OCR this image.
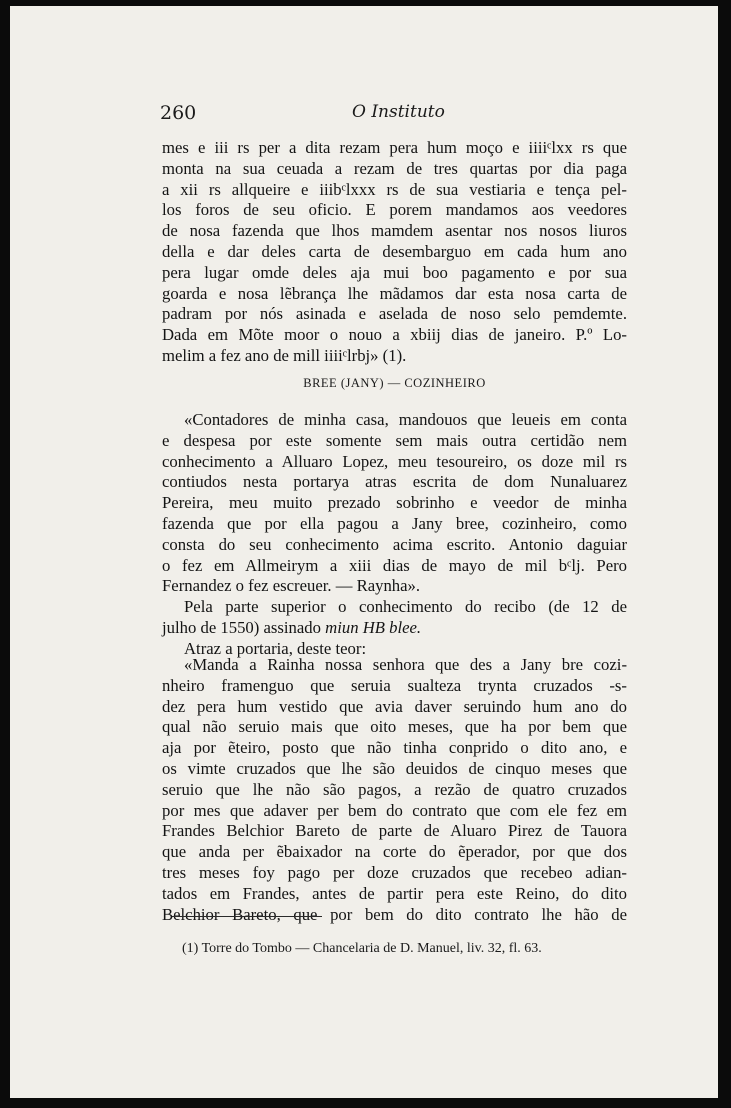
260	O Instituto
mes e iii rs per a dita rezam pera hum moço e iiiiᶜlxx rs que
monta na sua ceuada a rezam de tres quartas por dia paga
a xii rs allqueire e iiibᶜlxxx rs de sua vestiaria e tença pel-
los foros de seu oficio. E porem mandamos aos veedores
de nosa fazenda que lhos mamdem asentar nos nosos liuros
della e dar deles carta de desembarguo em cada hum ano
pera lugar omde deles aja mui boo pagamento e por sua
goarda e nosa lẽbrança lhe mãdamos dar esta nosa carta de
padram por nós asinada e aselada de noso selo pemdemte.
Dada em Mõte moor o nouo a xbiij dias de janeiro. P.º Lo-
melim a fez ano de mill iiiiᶜlrbj» (1).
BREE (JANY) — COZINHEIRO
«Contadores de minha casa, mandouos que leueis em conta
e despesa por este somente sem mais outra certidão nem
conhecimento a Alluaro Lopez, meu tesoureiro, os doze mil rs
contiudos nesta portarya atras escrita de dom Nunaluarez
Pereira, meu muito prezado sobrinho e veedor de minha
fazenda que por ella pagou a Jany bree, cozinheiro, como
consta do seu conhecimento acima escrito. Antonio daguiar
o fez em Allmeirym a xiii dias de mayo de mil bᶜlj. Pero
Fernandez o fez escreuer. — Raynha».
Pela parte superior o conhecimento do recibo (de 12 de
julho de 1550) assinado miun HB blee.
Atraz a portaria, deste teor:
«Manda a Rainha nossa senhora que des a Jany bre cozi-
nheiro framenguo que seruia sualteza trynta cruzados -s-
dez pera hum vestido que avia daver seruindo hum ano do
qual não seruio mais que oito meses, que ha por bem que
aja por ẽteiro, posto que não tinha conprido o dito ano, e
os vimte cruzados que lhe são deuidos de cinquo meses que
seruio que lhe não são pagos, a rezão de quatro cruzados
por mes que adaver per bem do contrato que com ele fez em
Frandes Belchior Bareto de parte de Aluaro Pirez de Tauora
que anda per ẽbaixador na corte do ẽperador, por que dos
tres meses foy pago per doze cruzados que recebeo adian-
tados em Frandes, antes de partir pera este Reino, do dito
Belchior Bareto, que por bem do dito contrato lhe hão de
(1) Torre do Tombo — Chancelaria de D. Manuel, liv. 32, fl. 63.
